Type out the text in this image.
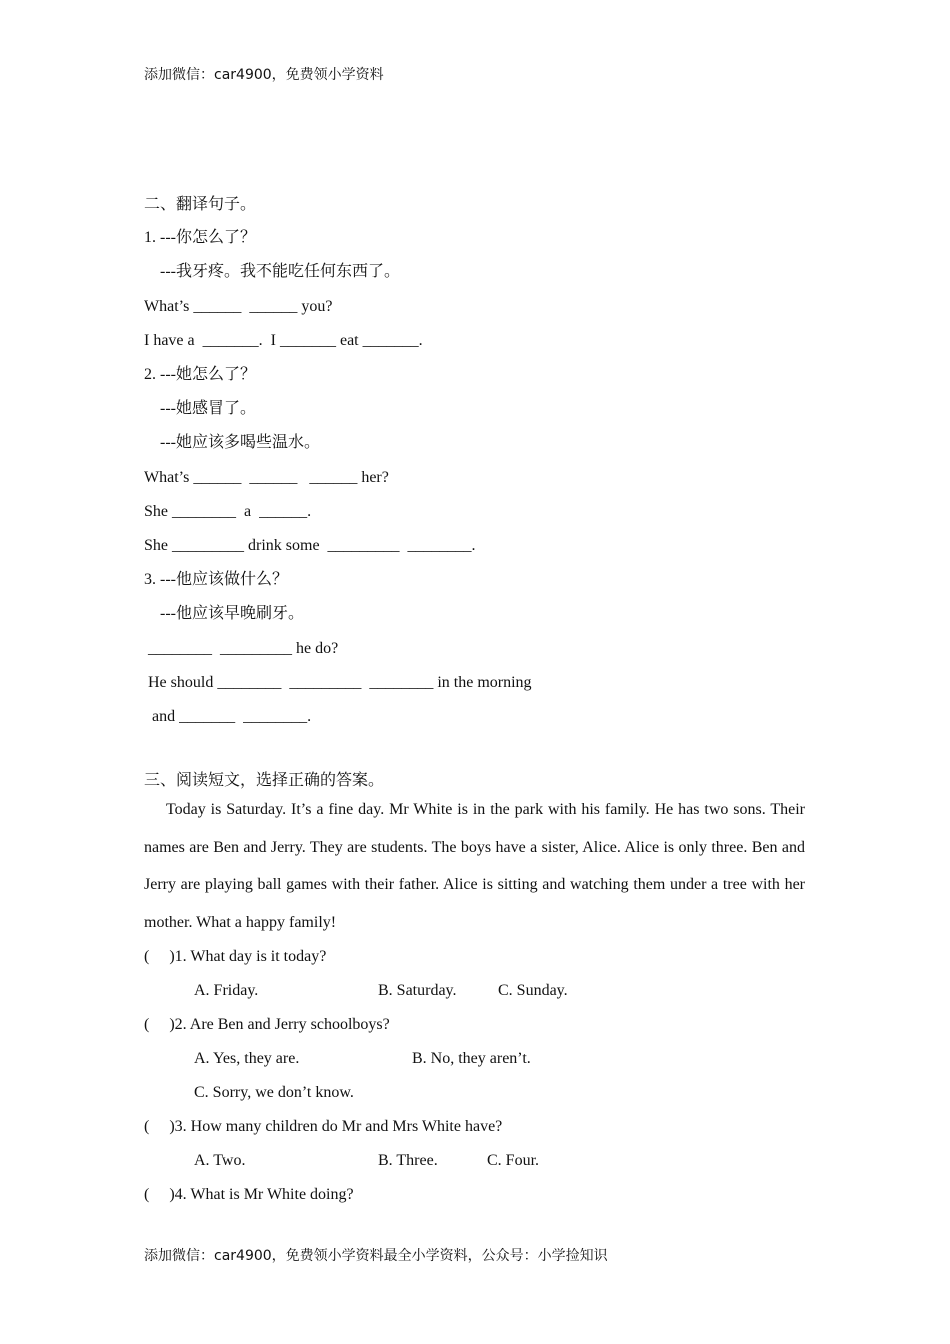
添加微信：car4900，免费领小学资料
二、翻译句子。
1. ---你怎么了？
---我牙疼。我不能吃任何东西了。
What’s ______  ______ you?
I have a  _______.  I _______ eat _______.
2. ---她怎么了？
---她感冒了。
---她应该多喝些温水。
What’s ______  ______   ______ her?
She ________  a  ______.
She _________ drink some  _________  ________.
3. ---他应该做什么？
---他应该早晚刷牙。
________  _________ he do?
He should ________  _________  ________ in the morning
and _______  ________.
三、阅读短文，选择正确的答案。
Today is Saturday. It’s a fine day. Mr White is in the park with his family. He has two sons. Their names are Ben and Jerry. They are students. The boys have a sister, Alice. Alice is only three. Ben and Jerry are playing ball games with their father. Alice is sitting and watching them under a tree with her mother. What a happy family!
(     )1. What day is it today?
A. Friday.	B. Saturday.	C. Sunday.
(     )2. Are Ben and Jerry schoolboys?
A. Yes, they are.	B. No, they aren’t.
C. Sorry, we don’t know.
(     )3. How many children do Mr and Mrs White have?
A. Two.	B. Three.	C. Four.
(     )4. What is Mr White doing?
添加微信：car4900，免费领小学资料最全小学资料，公众号：小学捡知识
